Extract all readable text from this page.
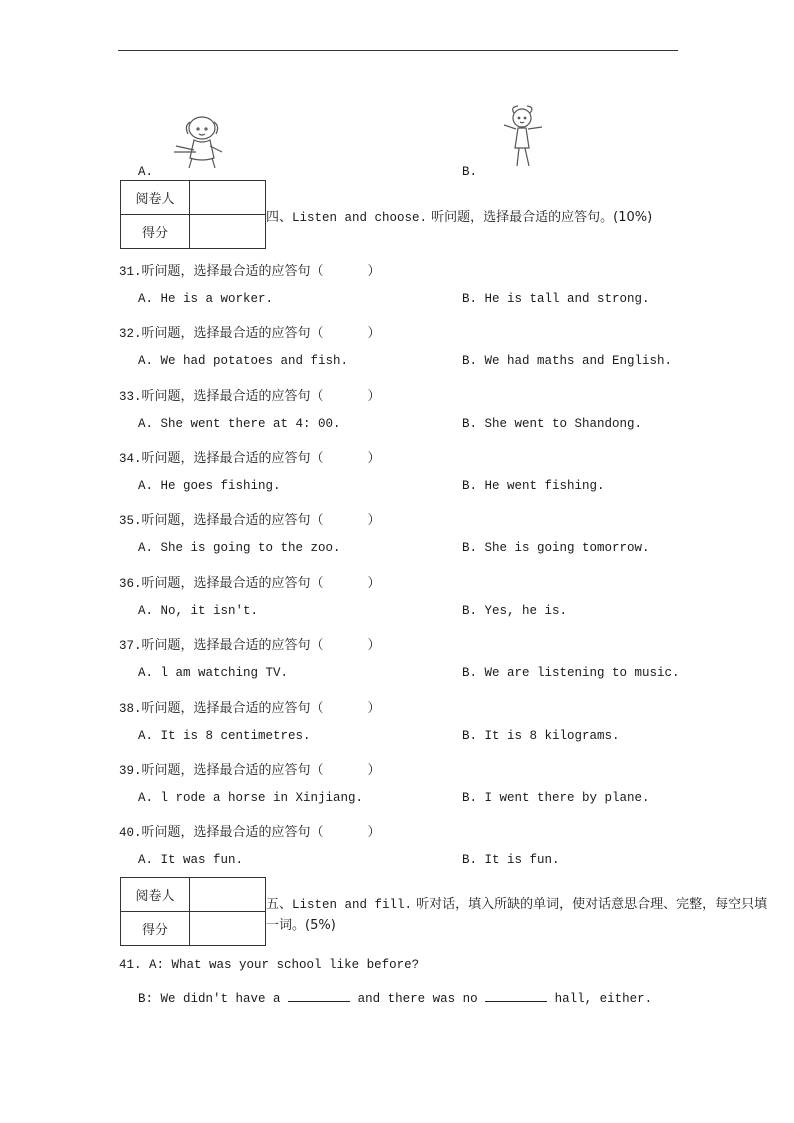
A.	B.
阅卷人	
得分	
四、Listen and choose. 听问题，选择最合适的应答句。(10%)
31.听问题，选择最合适的应答句（	）
A. He is a worker.	B. He is tall and strong.
32.听问题，选择最合适的应答句（	）
A. We had potatoes and fish.	B. We had maths and English.
33.听问题，选择最合适的应答句（	）
A. She went there at 4: 00.	B. She went to Shandong.
34.听问题，选择最合适的应答句（	）
A. He goes fishing.	B. He went fishing.
35.听问题，选择最合适的应答句（	）
A. She is going to the zoo.	B. She is going tomorrow.
36.听问题，选择最合适的应答句（	）
A. No, it isn't.	B. Yes, he is.
37.听问题，选择最合适的应答句（	）
A. l am watching TV.	B. We are listening to music.
38.听问题，选择最合适的应答句（	）
A. It is 8 centimetres.	B. It is 8 kilograms.
39.听问题，选择最合适的应答句（	）
A. l rode a horse in Xinjiang.	B. I went there by plane.
40.听问题，选择最合适的应答句（	）
A. It was fun.	B. It is fun.
阅卷人	
得分	
五、Listen and fill. 听对话，填入所缺的单词，使对话意思合理、完整，每空只填
一词。(5%)
41. A: What was your school like before?
B: We didn't have a	and there was no	hall, either.
